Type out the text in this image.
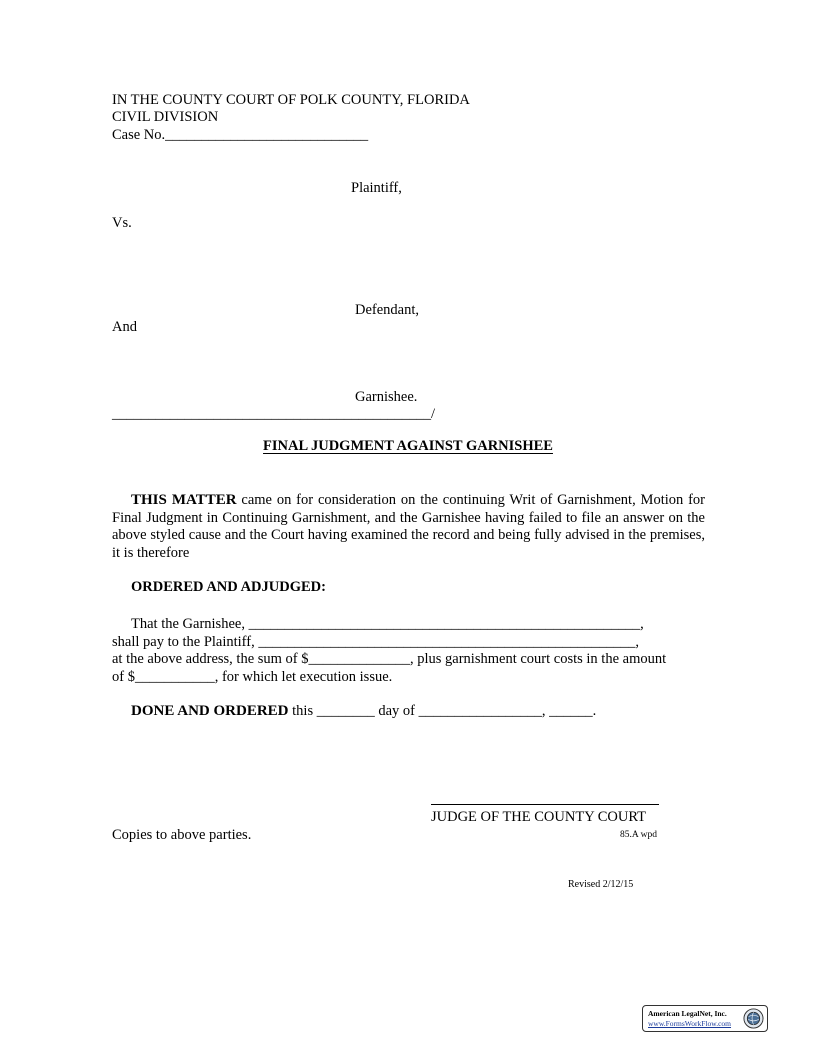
IN THE COUNTY COURT OF POLK COUNTY, FLORIDA
CIVIL DIVISION
Case No.____________________________
Plaintiff,
Vs.
Defendant,
And
Garnishee.
____________________________________________/
FINAL JUDGMENT AGAINST GARNISHEE
THIS MATTER came on for consideration on the continuing Writ of Garnishment, Motion for Final Judgment in Continuing Garnishment, and the Garnishee having failed to file an answer on the above styled cause and the Court having examined the record and being fully advised in the premises, it is therefore
ORDERED AND ADJUDGED:
That the Garnishee, ______________________________________________________,
shall pay to the Plaintiff, ____________________________________________________,
at the above address, the sum of $______________, plus garnishment court costs in the amount
of $___________, for which let execution issue.
DONE AND ORDERED this ________ day of _________________, ______.
JUDGE OF THE COUNTY COURT
85.A wpd
Copies to above parties.
Revised 2/12/15
American LegalNet, Inc.
www.FormsWorkFlow.com
